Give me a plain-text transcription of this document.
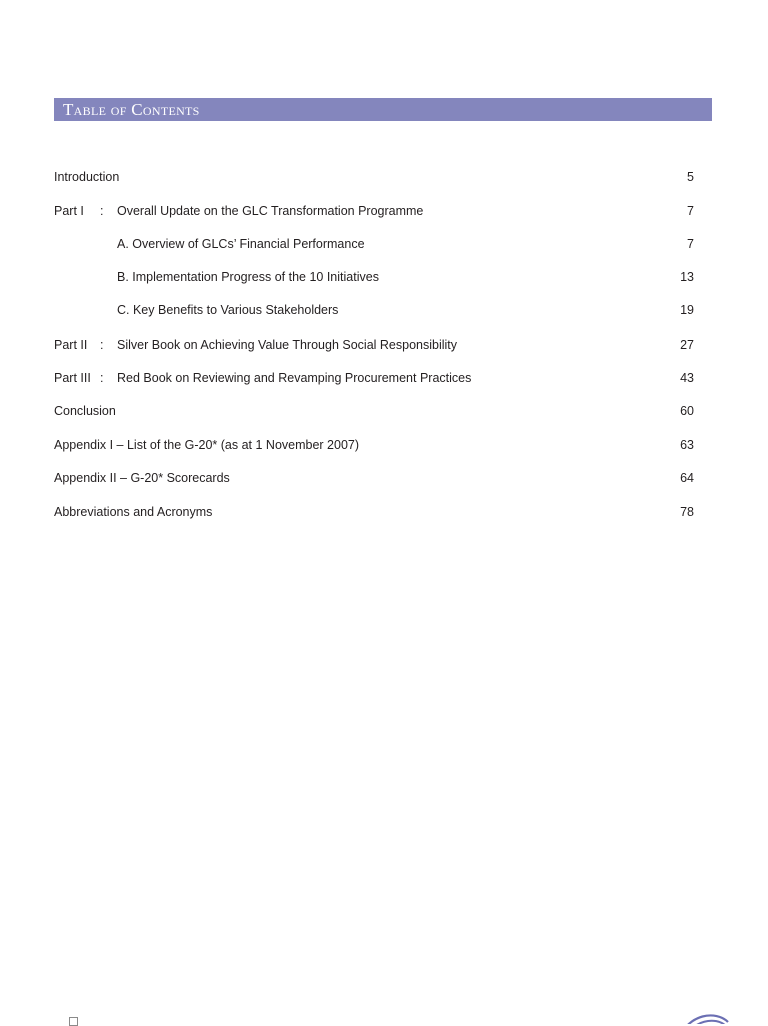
Table of Contents
Introduction	5
Part I : Overall Update on the GLC Transformation Programme	7
A. Overview of GLCs’ Financial Performance	7
B. Implementation Progress of the 10 Initiatives	13
C. Key Benefits to Various Stakeholders	19
Part II : Silver Book on Achieving Value Through Social Responsibility	27
Part III : Red Book on Reviewing and Revamping Procurement Practices	43
Conclusion	60
Appendix I – List of the G-20* (as at 1 November 2007)	63
Appendix II – G-20* Scorecards	64
Abbreviations and Acronyms	78
